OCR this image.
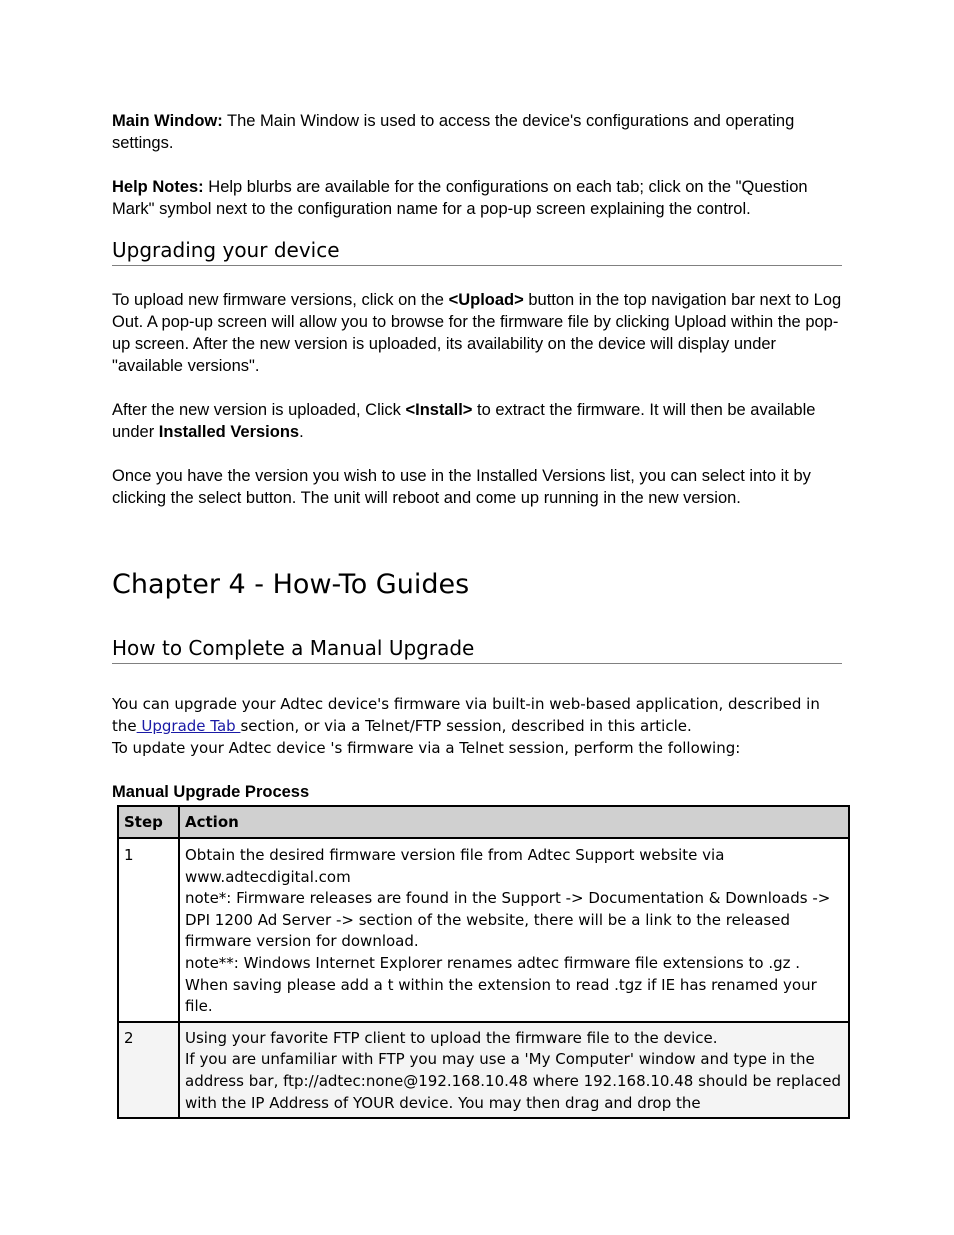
Main Window: The Main Window is used to access the device's configurations and operating settings.

Help Notes: Help blurbs are available for the configurations on each tab; click on the "Question Mark" symbol next to the configuration name for a pop-up screen explaining the control.

Upgrading your device

To upload new firmware versions, click on the <Upload> button in the top navigation bar next to Log Out. A pop-up screen will allow you to browse for the firmware file by clicking Upload within the pop-up screen. After the new version is uploaded, its availability on the device will display under "available versions".

After the new version is uploaded, Click <Install> to extract the firmware. It will then be available under Installed Versions.

Once you have the version you wish to use in the Installed Versions list, you can select into it by clicking the select button. The unit will reboot and come up running in the new version.

Chapter 4 - How-To Guides
How to Complete a Manual Upgrade

You can upgrade your Adtec device's firmware via built-in web-based application, described in the Upgrade Tab section, or via a Telnet/FTP session, described in this article.

To update your Adtec device 's firmware via a Telnet session, perform the following:

Manual Upgrade Process

Step	Action
1	Obtain the desired firmware version file from Adtec Support website via www.adtecdigital.com
note*: Firmware releases are found in the Support -> Documentation & Downloads -> DPI 1200 Ad Server -> section of the website, there will be a link to the released firmware version for download.
note**: Windows Internet Explorer renames adtec firmware file extensions to .gz . When saving please add a t within the extension to read .tgz if IE has renamed your file.

2	Using your favorite FTP client to upload the firmware file to the device.
If you are unfamiliar with FTP you may use a 'My Computer' window and type in the address bar, ftp://adtec:none@192.168.10.48 where 192.168.10.48 should be replaced with the IP Address of YOUR device. You may then drag and drop the
